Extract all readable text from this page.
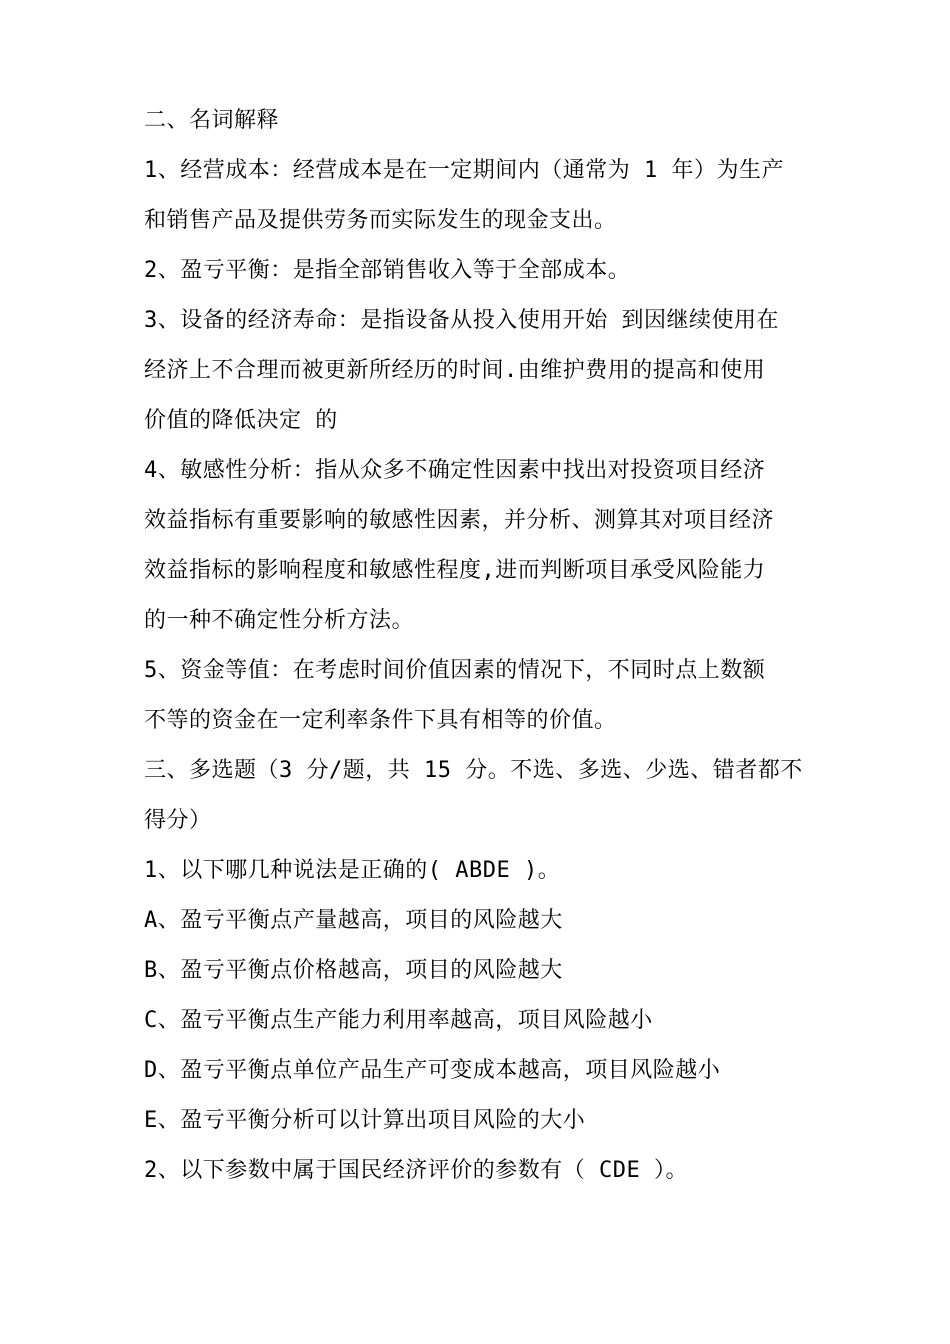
二、名词解释
1、经营成本：经营成本是在一定期间内（通常为 1 年）为生产
和销售产品及提供劳务而实际发生的现金支出。
2、盈亏平衡：是指全部销售收入等于全部成本。
3、设备的经济寿命：是指设备从投入使用开始 到因继续使用在
经济上不合理而被更新所经历的时间.由维护费用的提高和使用
价值的降低决定 的
4、敏感性分析：指从众多不确定性因素中找出对投资项目经济
效益指标有重要影响的敏感性因素，并分析、测算其对项目经济
效益指标的影响程度和敏感性程度,进而判断项目承受风险能力
的一种不确定性分析方法。
5、资金等值：在考虑时间价值因素的情况下，不同时点上数额
不等的资金在一定利率条件下具有相等的价值。
三、多选题（3 分/题，共 15 分。不选、多选、少选、错者都不
得分）
1、以下哪几种说法是正确的( ABDE )。
A、盈亏平衡点产量越高，项目的风险越大
B、盈亏平衡点价格越高，项目的风险越大
C、盈亏平衡点生产能力利用率越高，项目风险越小
D、盈亏平衡点单位产品生产可变成本越高，项目风险越小
E、盈亏平衡分析可以计算出项目风险的大小
2、以下参数中属于国民经济评价的参数有（ CDE ）。
